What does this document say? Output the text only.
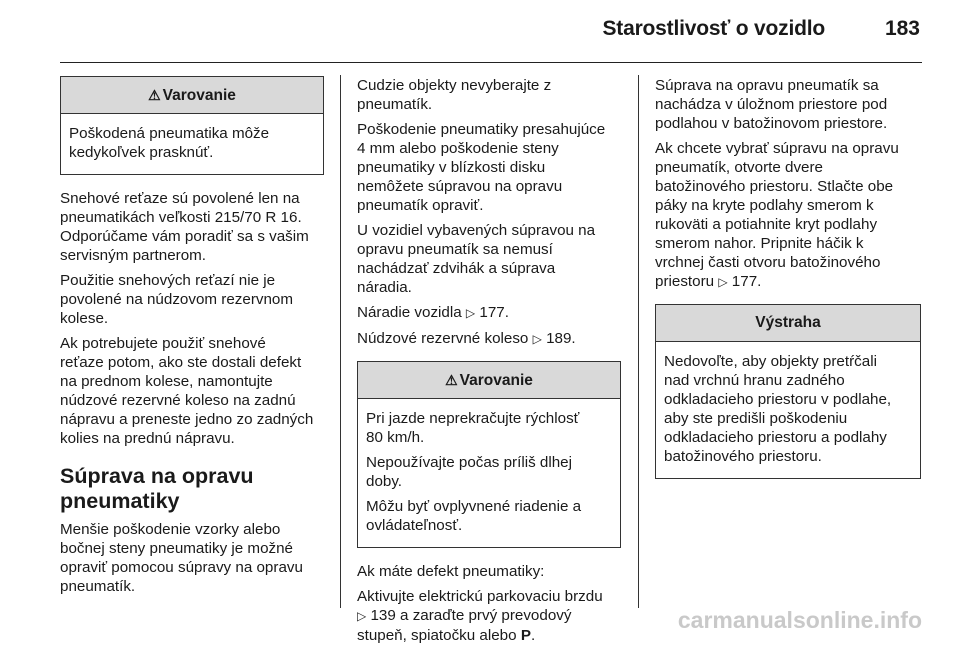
Starostlivosť o vozidlo	183
⚠ Varovanie

Poškodená pneumatika môže
kedykoľvek prasknúť.

Snehové reťaze sú povolené len na
pneumatikách veľkosti 215/70 R 16.
Odporúčame vám poradiť sa s vašim
servisným partnerom.

Použitie snehových reťazí nie je
povolené na núdzovom rezervnom
kolese.

Ak potrebujete použiť snehové
reťaze potom, ako ste dostali defekt
na prednom kolese, namontujte
núdzové rezervné koleso na zadnú
nápravu a preneste jedno zo zadných
kolies na prednú nápravu.

Súprava na opravu
pneumatiky

Menšie poškodenie vzorky alebo
bočnej steny pneumatiky je možné
opraviť pomocou súpravy na opravu
pneumatík.

Cudzie objekty nevyberajte z
pneumatík.

Poškodenie pneumatiky presahujúce
4 mm alebo poškodenie steny
pneumatiky v blízkosti disku
nemôžete súpravou na opravu
pneumatík opraviť.

U vozidiel vybavených súpravou na
opravu pneumatík sa nemusí
nachádzať zdvihák a súprava
náradia.

Náradie vozidla ▷ 177.

Núdzové rezervné koleso ▷ 189.

⚠ Varovanie

Pri jazde neprekračujte rýchlosť
80 km/h.

Nepoužívajte počas príliš dlhej
doby.

Môžu byť ovplyvnené riadenie a
ovládateľnosť.

Ak máte defekt pneumatiky:

Aktivujte elektrickú parkovaciu brzdu
▷ 139 a zaraďte prvý prevodový
stupeň, spiatočku alebo P.

Súprava na opravu pneumatík sa
nachádza v úložnom priestore pod
podlahou v batožinovom priestore.

Ak chcete vybrať súpravu na opravu
pneumatík, otvorte dvere
batožinového priestoru. Stlačte obe
páky na kryte podlahy smerom k
rukoväti a potiahnite kryt podlahy
smerom nahor. Pripnite háčik k
vrchnej časti otvoru batožinového
priestoru ▷ 177.

Výstraha

Nedovoľte, aby objekty pretŕčali
nad vrchnú hranu zadného
odkladacieho priestoru v podlahe,
aby ste predišli poškodeniu
odkladacieho priestoru a podlahy
batožinového priestoru.

carmanualsonline.info
